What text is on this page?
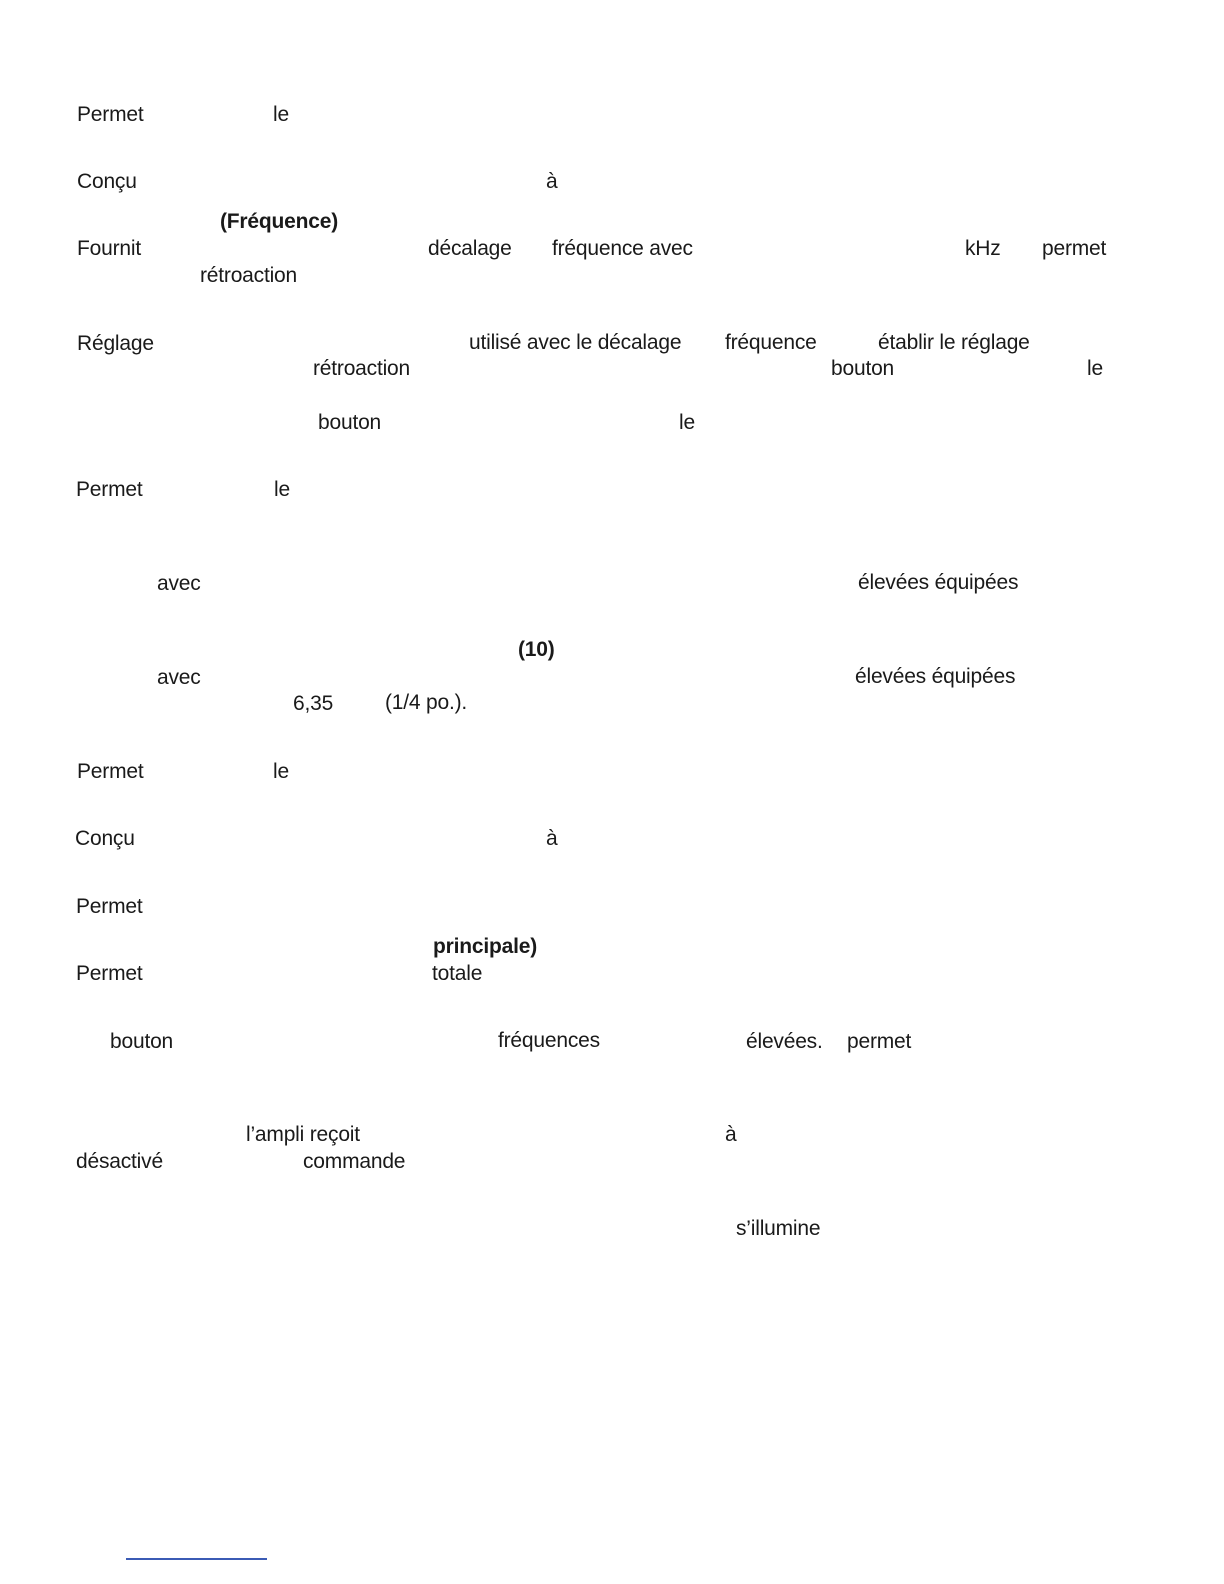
Permet	le
Conçu	à
(Fréquence)
Fournit	décalage fréquence avec	kHz permet
rétroaction
Réglage	utilisé avec le décalage fréquence	établir le réglage
rétroaction	bouton	le
bouton	le
Permet	le
avec	élevées équipées
(10)
avec	élevées équipées
6,35 (1/4 po.).
Permet	le
Conçu	à
Permet
principale)
Permet	totale
bouton	fréquences	élevées. permet
l’ampli reçoit	à
désactivé	commande
s’illumine
